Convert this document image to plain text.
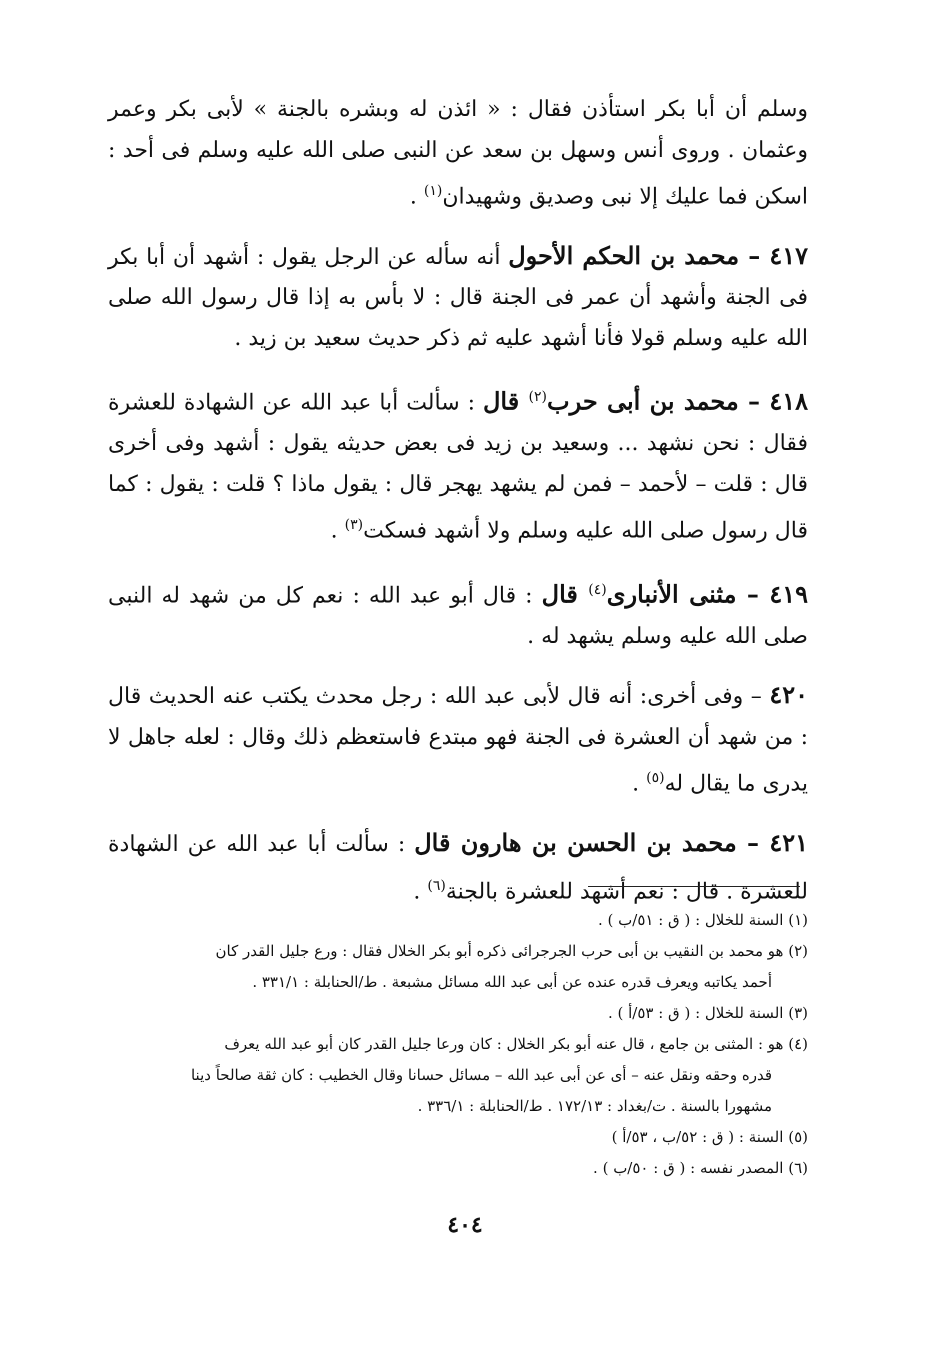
وسلم أن أبا بكر استأذن فقال : « ائذن له وبشره بالجنة » لأبى بكر وعمر وعثمان . وروى أنس وسهل بن سعد عن النبى صلى الله عليه وسلم فى أحد : اسكن فما عليك إلا نبى وصديق وشهيدان$^{(١)}$ .

٤١٧ – محمد بن الحكم الأحول أنه سأله عن الرجل يقول : أشهد أن أبا بكر فى الجنة وأشهد أن عمر فى الجنة قال : لا بأس به إذا قال رسول الله صلى الله عليه وسلم قولا فأنا أشهد عليه ثم ذكر حديث سعيد بن زيد .

٤١٨ – محمد بن أبى حرب$^{(٢)}$ قال : سألت أبا عبد الله عن الشهادة للعشرة فقال : نحن نشهد ... وسعيد بن زيد فى بعض حديثه يقول : أشهد وفى أخرى قال : قلت – لأحمد – فمن لم يشهد يهجر قال : يقول ماذا ؟ قلت : يقول : كما قال رسول صلى الله عليه وسلم ولا أشهد فسكت$^{(٣)}$ .

٤١٩ – مثنى الأنبارى$^{(٤)}$ قال : قال أبو عبد الله : نعم كل من شهد له النبى صلى الله عليه وسلم يشهد له .

٤٢٠ – وفى أخرى: أنه قال لأبى عبد الله : رجل محدث يكتب عنه الحديث قال : من شهد أن العشرة فى الجنة فهو مبتدع فاستعظم ذلك وقال : لعله جاهل لا يدرى ما يقال له$^{(٥)}$ .

٤٢١ – محمد بن الحسن بن هارون قال : سألت أبا عبد الله عن الشهادة للعشرة . قال : نعم أشهد للعشرة بالجنة$^{(٦)}$ .

(١) السنة للخلال : ( ق : ٥١/ب ) .

(٢) هو محمد بن النقيب بن أبى حرب الجرجرائى ذكره أبو بكر الخلال فقال : ورع جليل القدر كان

أحمد يكاتبه ويعرف قدره عنده عن أبى عبد الله مسائل مشبعة . ط/الحنابلة : ٣٣١/١ .

(٣) السنة للخلال : ( ق : ٥٣/أ ) .

(٤) هو : المثنى بن جامع ، قال عنه أبو بكر الخلال : كان ورعا جليل القدر كان أبو عبد الله يعرف

قدره وحقه ونقل عنه – أى عن أبى عبد الله – مسائل حسانا وقال الخطيب : كان ثقة صالحاً دينا

مشهورا بالسنة . ت/بغداد : ١٧٢/١٣ . ط/الحنابلة : ٣٣٦/١ .

(٥) السنة : ( ق : ٥٢/ب ، ٥٣/أ )

(٦) المصدر نفسه : ( ق : ٥٠/ب ) .

٤٠٤
